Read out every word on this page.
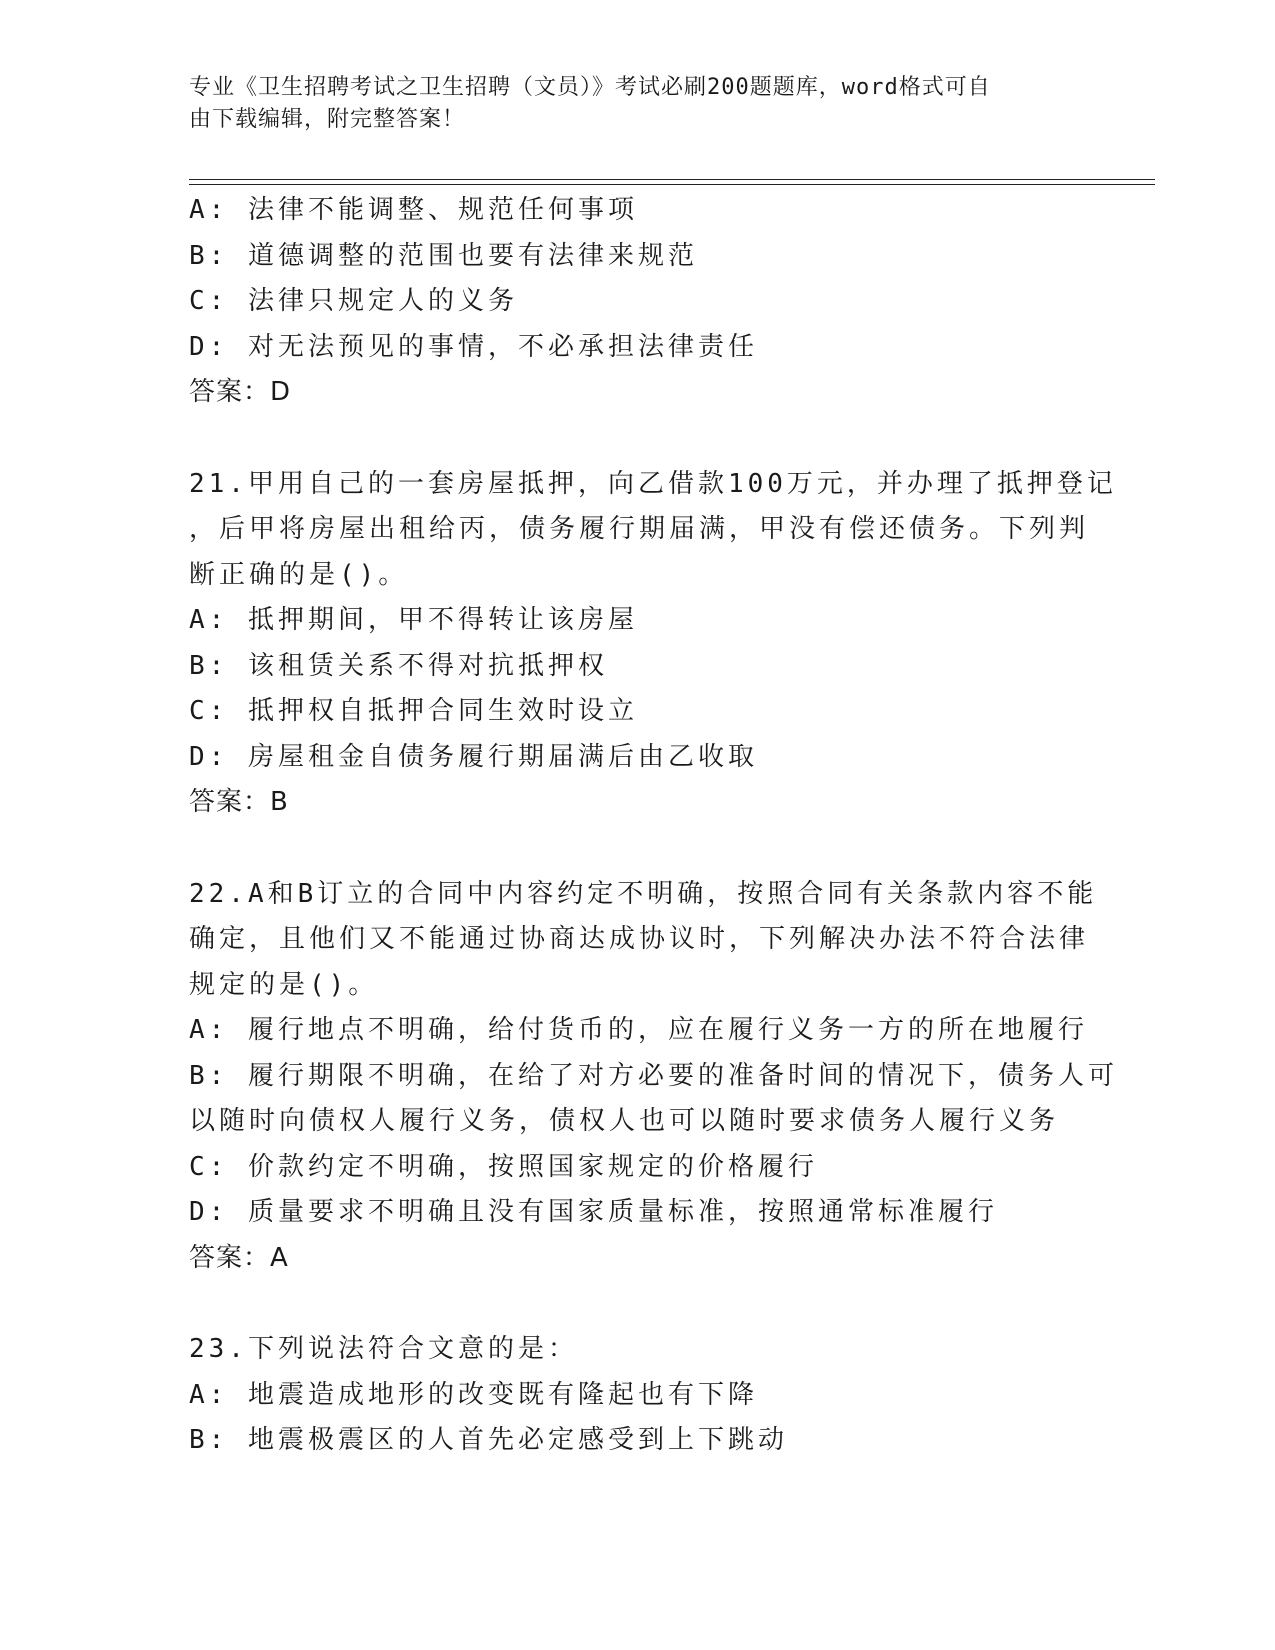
专业《卫生招聘考试之卫生招聘（文员）》考试必刷200题题库，word格式可自
由下载编辑，附完整答案！
A: 法律不能调整、规范任何事项
B: 道德调整的范围也要有法律来规范
C: 法律只规定人的义务
D: 对无法预见的事情，不必承担法律责任
答案：D
21.甲用自己的一套房屋抵押，向乙借款100万元，并办理了抵押登记
，后甲将房屋出租给丙，债务履行期届满，甲没有偿还债务。下列判
断正确的是()。
A: 抵押期间，甲不得转让该房屋
B: 该租赁关系不得对抗抵押权
C: 抵押权自抵押合同生效时设立
D: 房屋租金自债务履行期届满后由乙收取
答案：B
22.A和B订立的合同中内容约定不明确，按照合同有关条款内容不能
确定，且他们又不能通过协商达成协议时，下列解决办法不符合法律
规定的是()。
A: 履行地点不明确，给付货币的，应在履行义务一方的所在地履行
B: 履行期限不明确，在给了对方必要的准备时间的情况下，债务人可
以随时向债权人履行义务，债权人也可以随时要求债务人履行义务
C: 价款约定不明确，按照国家规定的价格履行
D: 质量要求不明确且没有国家质量标准，按照通常标准履行
答案：A
23.下列说法符合文意的是：
A: 地震造成地形的改变既有隆起也有下降
B: 地震极震区的人首先必定感受到上下跳动
